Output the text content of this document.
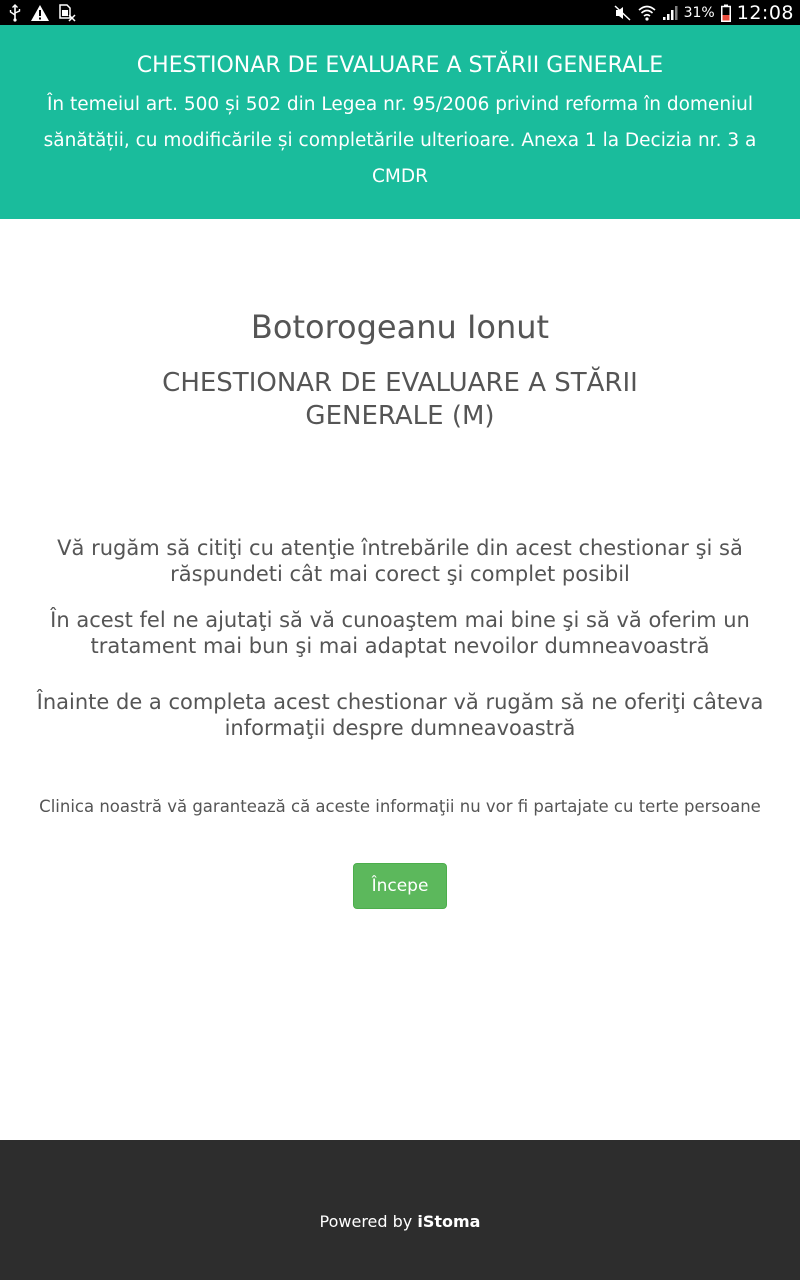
31% 12:08
CHESTIONAR DE EVALUARE A STĂRII GENERALE

În temeiul art. 500 și 502 din Legea nr. 95/2006 privind reforma în domeniul sănătății, cu modificările și completările ulterioare. Anexa 1 la Decizia nr. 3 a CMDR

Botorogeanu Ionut
CHESTIONAR DE EVALUARE A STĂRII GENERALE (M)

Vă rugăm să citiţi cu atenţie întrebările din acest chestionar şi să răspundeti cât mai corect şi complet posibil

În acest fel ne ajutaţi să vă cunoaştem mai bine şi să vă oferim un tratament mai bun şi mai adaptat nevoilor dumneavoastră

Înainte de a completa acest chestionar vă rugăm să ne oferiţi câteva informaţii despre dumneavoastră

Clinica noastră vă garantează că aceste informaţii nu vor fi partajate cu terte persoane

Începe

Powered by iStoma
